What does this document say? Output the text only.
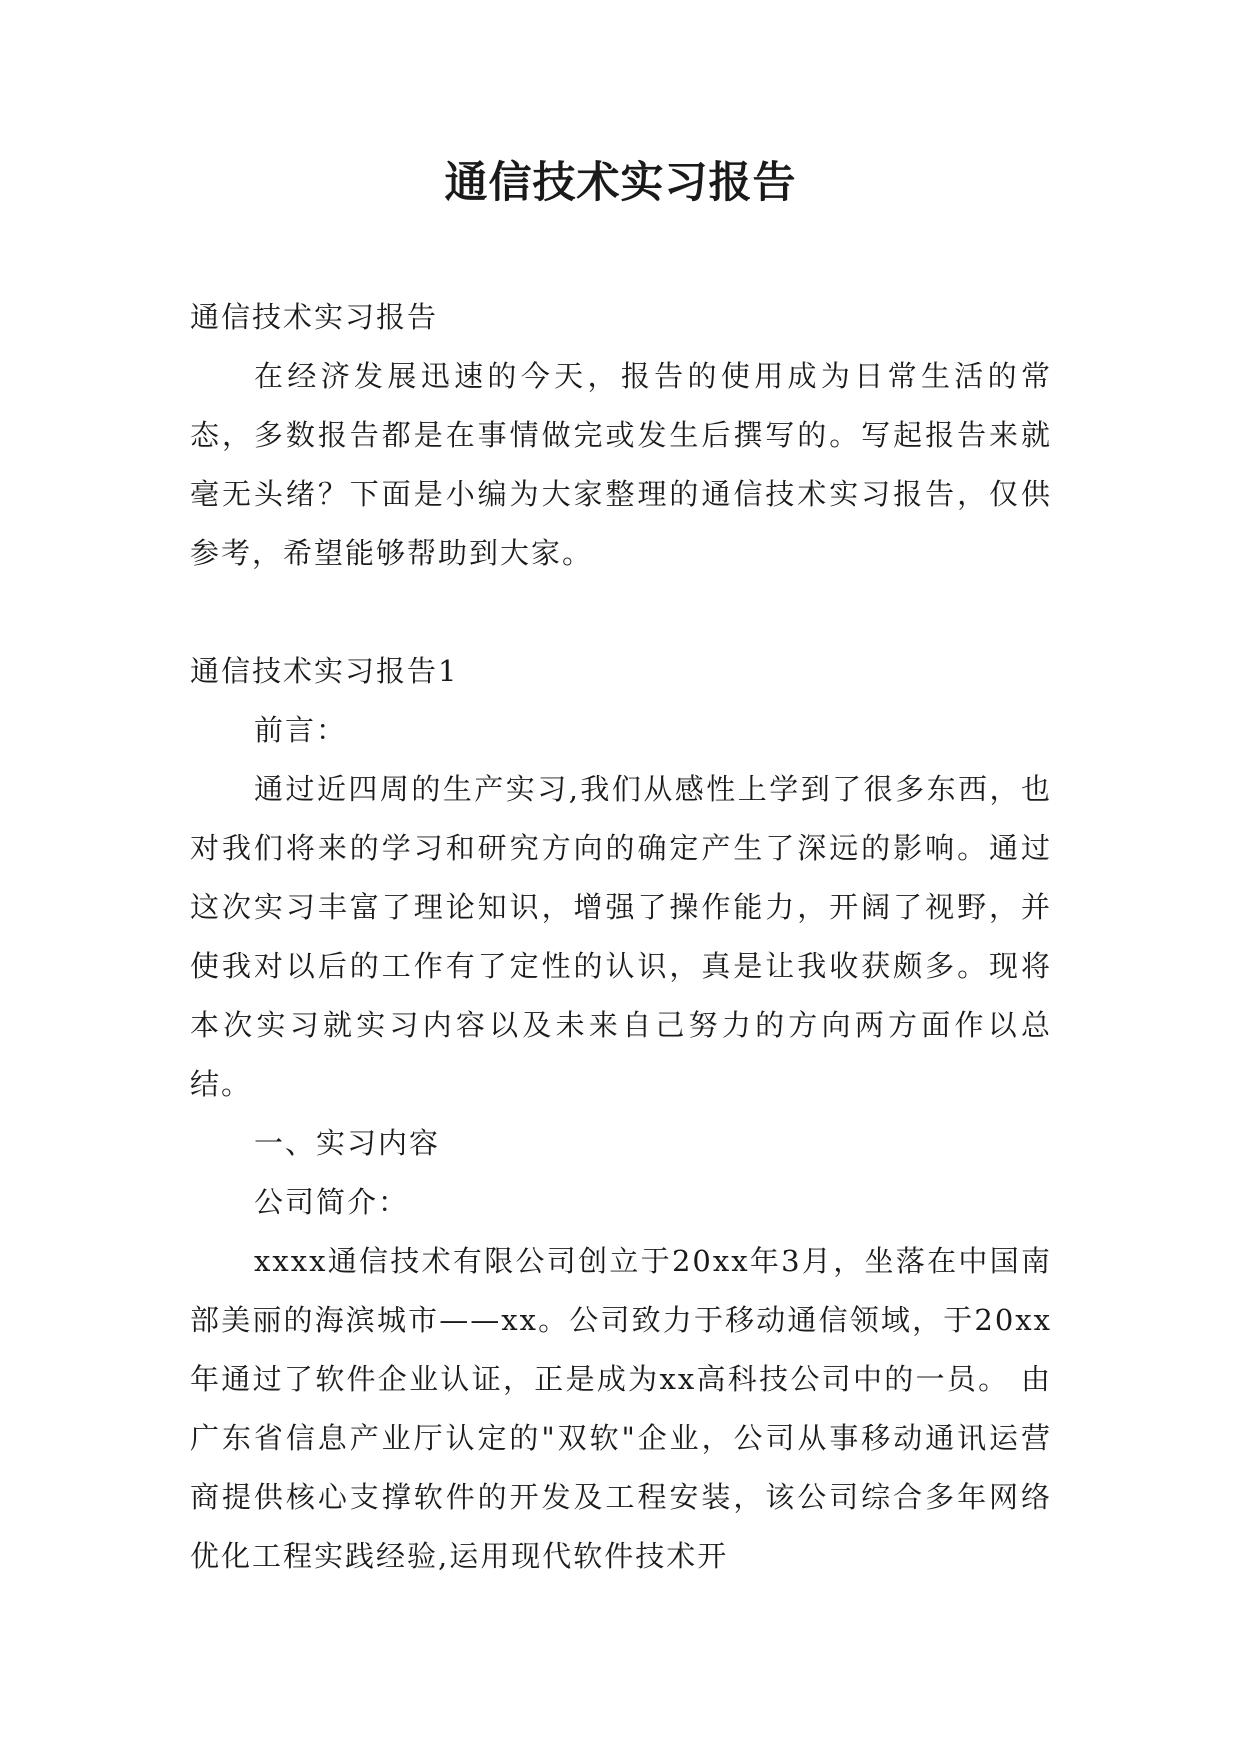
通信技术实习报告

通信技术实习报告

在经济发展迅速的今天，报告的使用成为日常生活的常态，多数报告都是在事情做完或发生后撰写的。写起报告来就毫无头绪？下面是小编为大家整理的通信技术实习报告，仅供参考，希望能够帮助到大家。

通信技术实习报告1

前言：

通过近四周的生产实习,我们从感性上学到了很多东西，也对我们将来的学习和研究方向的确定产生了深远的影响。通过这次实习丰富了理论知识，增强了操作能力，开阔了视野，并使我对以后的工作有了定性的认识，真是让我收获颇多。现将本次实习就实习内容以及未来自己努力的方向两方面作以总结。

一、实习内容

公司简介：

xxxx通信技术有限公司创立于20xx年3月，坐落在中国南部美丽的海滨城市——xx。公司致力于移动通信领域，于20xx年通过了软件企业认证，正是成为xx高科技公司中的一员。 由广东省信息产业厅认定的"双软"企业，公司从事移动通讯运营商提供核心支撑软件的开发及工程安装，该公司综合多年网络优化工程实践经验,运用现代软件技术开
